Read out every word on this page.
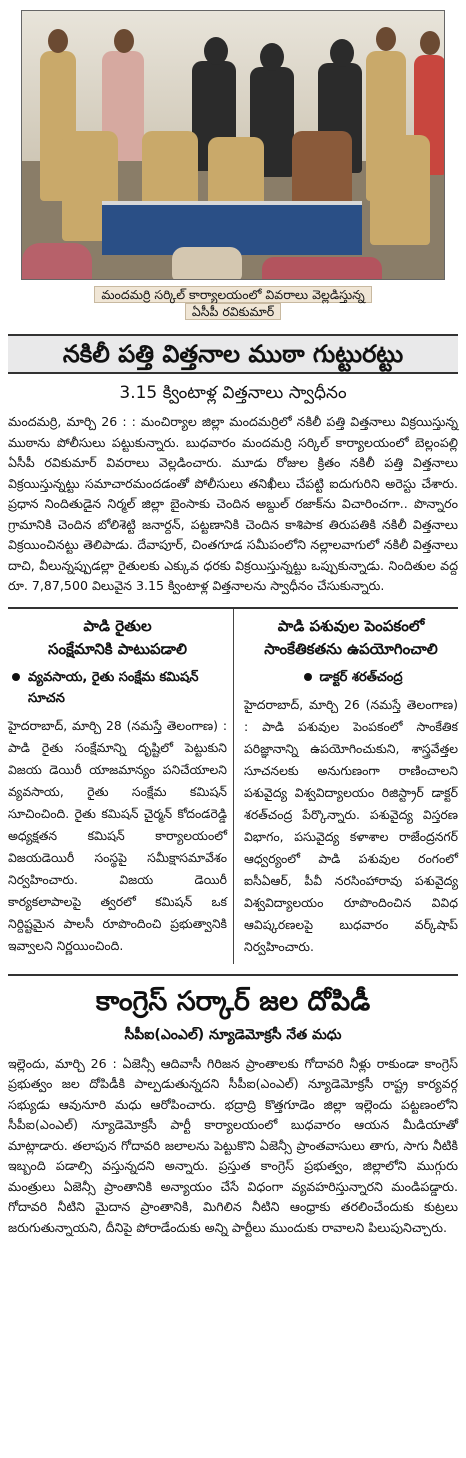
మందమర్రి సర్కిల్ కార్యాలయంలో వివరాలు వెల్లడిస్తున్న
ఏసీపీ రవికుమార్
నకిలీ పత్తి విత్తనాల ముఠా గుట్టురట్టు
3.15 క్వింటాళ్ల విత్తనాలు స్వాధీనం

మందమర్రి, మార్చి 26 : : మంచిర్యాల జిల్లా మందమర్రిలో నకిలీ పత్తి విత్తనాలు విక్రయిస్తున్న ముఠాను పోలీసులు పట్టుకున్నారు. బుధవారం మందమర్రి సర్కిల్ కార్యాలయంలో బెల్లంపల్లి ఏసీపీ రవికుమార్ వివరాలు వెల్లడించారు. మూడు రోజుల క్రితం నకిలీ పత్తి విత్తనాలు విక్రయిస్తున్నట్టు సమాచారమందడంతో పోలీసులు తనిఖీలు చేపట్టి ఐదుగురిని అరెస్టు చేశారు. ప్రధాన నిందితుడైన నిర్మల్ జిల్లా బైంసాకు చెందిన అబ్దుల్ రజాక్‌ను విచారించగా.. పొన్నారం గ్రామానికి చెందిన బోలిశెట్టి జనార్దన్, పట్టణానికి చెందిన కాశిపాక తిరుపతికి నకిలీ విత్తనాలు విక్రయించినట్టు తెలిపాడు. దేవాపూర్, చింతగూడ సమీపంలోని నల్లాలవాగులో నకిలీ విత్తనాలు దాచి, వీలున్నప్పుడల్లా రైతులకు ఎక్కువ ధరకు విక్రయిస్తున్నట్టు ఒప్పుకున్నాడు. నిందితుల వద్ద రూ. 7,87,500 విలువైన 3.15 క్వింటాళ్ల విత్తనాలను స్వాధీనం చేసుకున్నారు.

పాడి రైతుల
సంక్షేమానికి పాటుపడాలి
వ్యవసాయ, రైతు సంక్షేమ కమిషన్ సూచన
హైదరాబాద్, మార్చి 28 (నమస్తే తెలంగాణ) : పాడి రైతు సంక్షేమాన్ని దృష్టిలో పెట్టుకుని విజయ డెయిరీ యాజమాన్యం పనిచేయాలని వ్యవసాయ, రైతు సంక్షేమ కమిషన్ సూచించింది. రైతు కమిషన్ చైర్మన్ కోదండరెడ్డి అధ్యక్షతన కమిషన్ కార్యాలయంలో విజయడెయిరీ సంస్థపై సమీక్షాసమావేశం నిర్వహించారు. విజయ డెయిరీ కార్యకలాపాలపై త్వరలో కమిషన్ ఒక నిర్దిష్టమైన పాలసీ రూపొందించి ప్రభుత్వానికి ఇవ్వాలని నిర్ణయించింది.
పాడి పశువుల పెంపకంలో
సాంకేతికతను ఉపయోగించాలి
డాక్టర్ శరత్‌చంద్ర
హైదరాబాద్, మార్చి 26 (నమస్తే తెలంగాణ) : పాడి పశువుల పెంపకంలో సాంకేతిక పరిజ్ఞానాన్ని ఉపయోగించుకుని, శాస్త్రవేత్తల సూచనలకు అనుగుణంగా రాణించాలని పశువైద్య విశ్వవిద్యాలయం రిజిస్ట్రార్ డాక్టర్ శరత్‌చంద్ర పేర్కొన్నారు. పశువైద్య విస్తరణ విభాగం, పసువైద్య కళాశాల రాజేంద్రనగర్ ఆధ్వర్యంలో పాడి పశువుల రంగంలో ఐసీఏఆర్, పీవీ నరసింహారావు పశువైద్య విశ్వవిద్యాలయం రూపొందించిన వివిధ ఆవిష్కరణలపై బుధవారం వర్క్‌షాప్ నిర్వహించారు.
కాంగ్రెస్ సర్కార్ జల దోపిడీ
సీపీఐ(ఎంఎల్) న్యూడెమోక్రసీ నేత మధు
ఇల్లెందు, మార్చి 26 : ఏజెన్సీ ఆదివాసీ గిరిజన ప్రాంతాలకు గోదావరి నీళ్లు రాకుండా కాంగ్రెస్ ప్రభుత్వం జల దోపిడీకి పాల్పడుతున్నదని సీపీఐ(ఎంఎల్) న్యూడెమోక్రసీ రాష్ట్ర కార్యవర్గ సభ్యుడు ఆవునూరి మధు ఆరోపించారు. భద్రాద్రి కొత్తగూడెం జిల్లా ఇల్లెందు పట్టణంలోని సీపీఐ(ఎంఎల్) న్యూడెమోక్రసీ పార్టీ కార్యాలయంలో బుధవారం ఆయన మీడియాతో మాట్లాడారు. తలాపున గోదావరి జలాలను పెట్టుకొని ఏజెన్సీ ప్రాంతవాసులు తాగు, సాగు నీటికి ఇబ్బంది పడాల్సి వస్తున్నదని అన్నారు. ప్రస్తుత కాంగ్రెస్ ప్రభుత్వం, జిల్లాలోని ముగ్గురు మంత్రులు ఏజెన్సీ ప్రాంతానికి అన్యాయం చేసే విధంగా వ్యవహరిస్తున్నారని మండిపడ్డారు. గోదావరి నీటిని మైదాన ప్రాంతానికి, మిగిలిన నీటిని ఆంధ్రాకు తరలించేందుకు కుట్రలు జరుగుతున్నాయని, దీనిపై పోరాడేందుకు అన్ని పార్టీలు ముందుకు రావాలని పిలుపునిచ్చారు.
